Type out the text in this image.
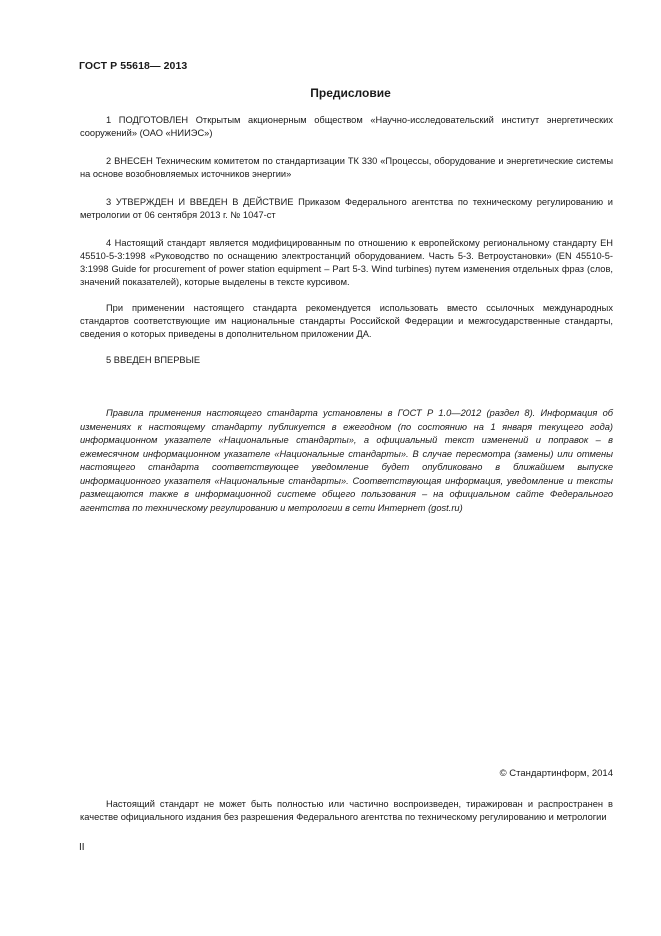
ГОСТ Р 55618— 2013
Предисловие
1 ПОДГОТОВЛЕН Открытым акционерным обществом «Научно-исследовательский институт энергетических сооружений» (ОАО «НИИЭС»)
2 ВНЕСЕН Техническим комитетом по стандартизации ТК 330 «Процессы, оборудование и энергетические системы на основе возобновляемых источников энергии»
3 УТВЕРЖДЕН И ВВЕДЕН В ДЕЙСТВИЕ Приказом Федерального агентства по техническому регулированию и метрологии от 06 сентября 2013 г. № 1047-ст
4 Настоящий стандарт является модифицированным по отношению к европейскому региональному стандарту ЕН 45510-5-3:1998 «Руководство по оснащению электростанций оборудованием. Часть 5-3. Ветроустановки» (EN 45510-5-3:1998 Guide for procurement of power station equipment – Part 5-3. Wind turbines) путем изменения отдельных фраз (слов, значений показателей), которые выделены в тексте курсивом.
При применении настоящего стандарта рекомендуется использовать вместо ссылочных международных стандартов соответствующие им национальные стандарты Российской Федерации и межгосударственные стандарты, сведения о которых приведены в дополнительном приложении ДА.
5 ВВЕДЕН ВПЕРВЫЕ
Правила применения настоящего стандарта установлены в ГОСТ Р 1.0—2012 (раздел 8). Информация об изменениях к настоящему стандарту публикуется в ежегодном (по состоянию на 1 января текущего года) информационном указателе «Национальные стандарты», а официальный текст изменений и поправок – в ежемесячном информационном указателе «Национальные стандарты». В случае пересмотра (замены) или отмены настоящего стандарта соответствующее уведомление будет опубликовано в ближайшем выпуске информационного указателя «Национальные стандарты». Соответствующая информация, уведомление и тексты размещаются также в информационной системе общего пользования – на официальном сайте Федерального агентства по техническому регулированию и метрологии в сети Интернет (gost.ru)
© Стандартинформ, 2014
Настоящий стандарт не может быть полностью или частично воспроизведен, тиражирован и распространен в качестве официального издания без разрешения Федерального агентства по техническому регулированию и метрологии
II
